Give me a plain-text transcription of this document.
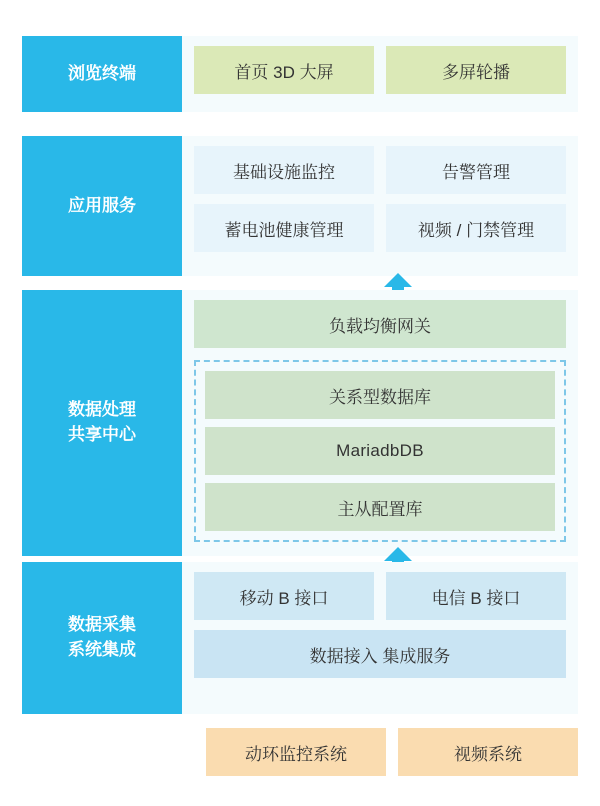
浏览终端	首页 3D 大屏	多屏轮播
应用服务
基础设施监控	告警管理
蓄电池健康管理	视频 / 门禁管理
数据处理
共享中心
负载均衡网关
关系型数据库
MariadbDB
主从配置库
数据采集
系统集成
移动 B 接口	电信 B 接口
数据接入 集成服务
动环监控系统	视频系统
